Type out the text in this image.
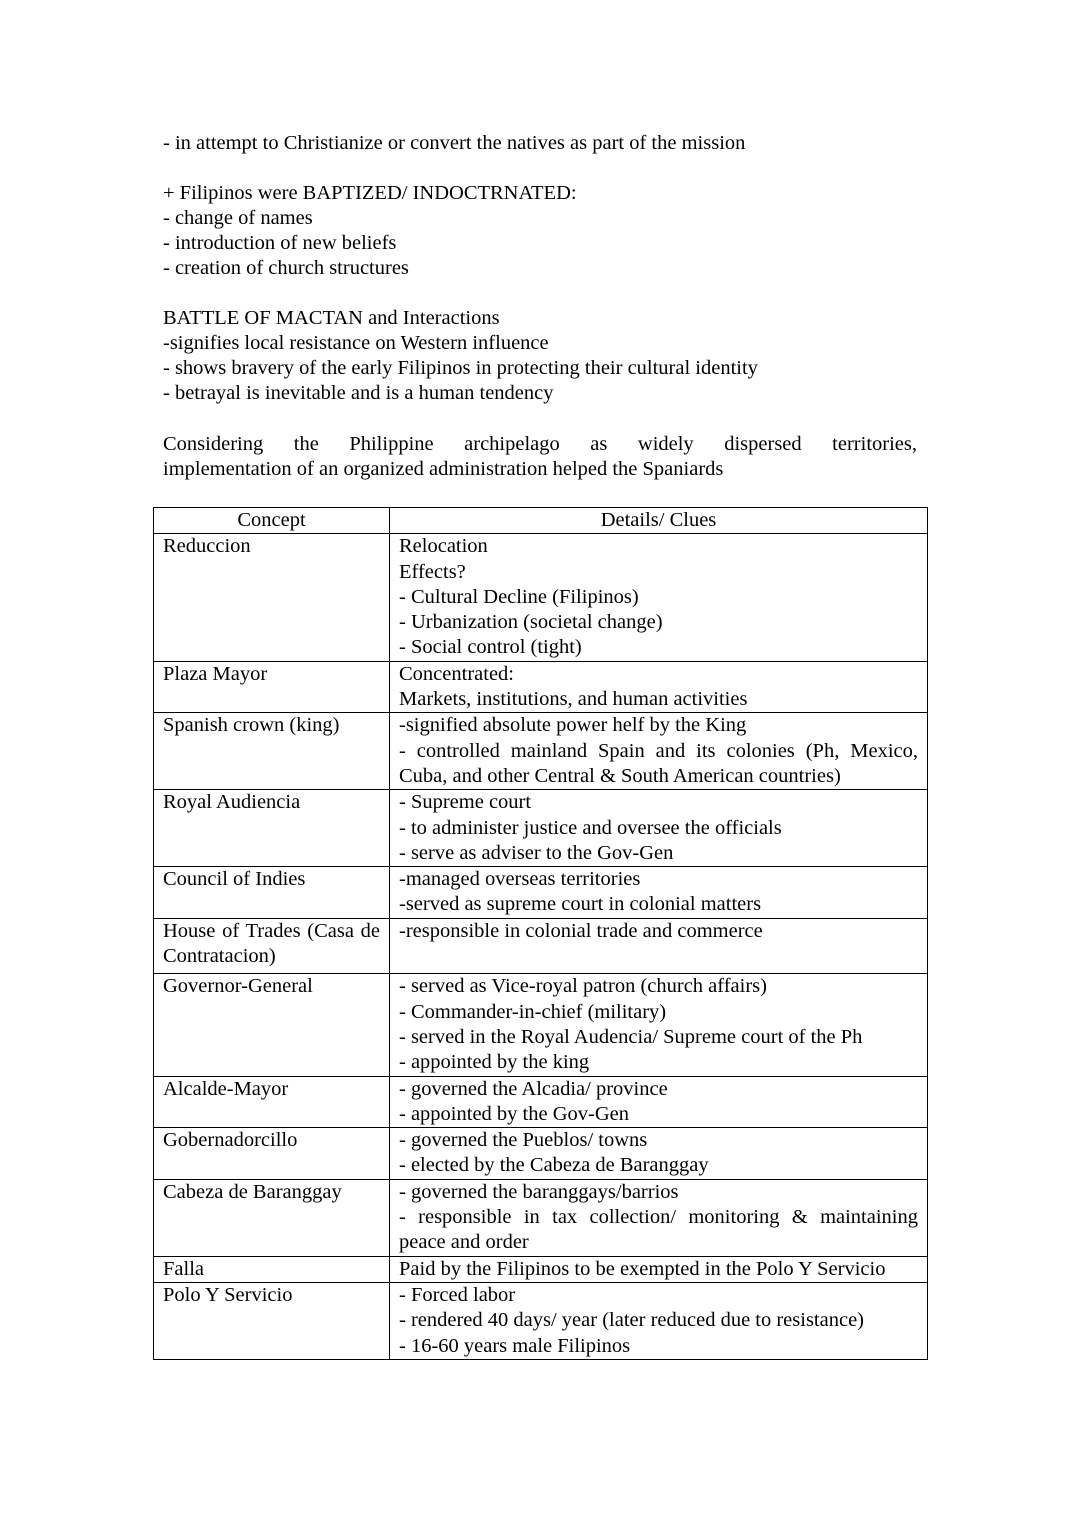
- in attempt to Christianize or convert the natives as part of the mission
+ Filipinos were BAPTIZED/ INDOCTRNATED:
- change of names
- introduction of new beliefs
- creation of church structures
BATTLE OF MACTAN and Interactions
-signifies local resistance on Western influence
- shows bravery of the early Filipinos in protecting their cultural identity
- betrayal is inevitable and is a human tendency
Considering the Philippine archipelago as widely dispersed territories,
implementation of an organized administration helped the Spaniards
Concept	Details/ Clues
Reduccion	Relocation
Effects?
- Cultural Decline (Filipinos)
- Urbanization (societal change)
- Social control (tight)

Plaza Mayor	Concentrated:
Markets, institutions, and human activities

Spanish crown (king)	-signified absolute power helf by the King
- controlled mainland Spain and its colonies (Ph, Mexico, Cuba, and other Central & South American countries)

Royal Audiencia	- Supreme court
- to administer justice and oversee the officials
- serve as adviser to the Gov-Gen

Council of Indies	-managed overseas territories
-served as supreme court in colonial matters

House of Trades (Casa de Contratacion)	-responsible in colonial trade and commerce

Governor-General	- served as Vice-royal patron (church affairs)
- Commander-in-chief (military)
- served in the Royal Audencia/ Supreme court of the Ph
- appointed by the king

Alcalde-Mayor	- governed the Alcadia/ province
- appointed by the Gov-Gen

Gobernadorcillo	- governed the Pueblos/ towns
- elected by the Cabeza de Baranggay

Cabeza de Baranggay	- governed the baranggays/barrios
- responsible in tax collection/ monitoring & maintaining peace and order

Falla	Paid by the Filipinos to be exempted in the Polo Y Servicio

Polo Y Servicio	- Forced labor
- rendered 40 days/ year (later reduced due to resistance)
- 16-60 years male Filipinos
